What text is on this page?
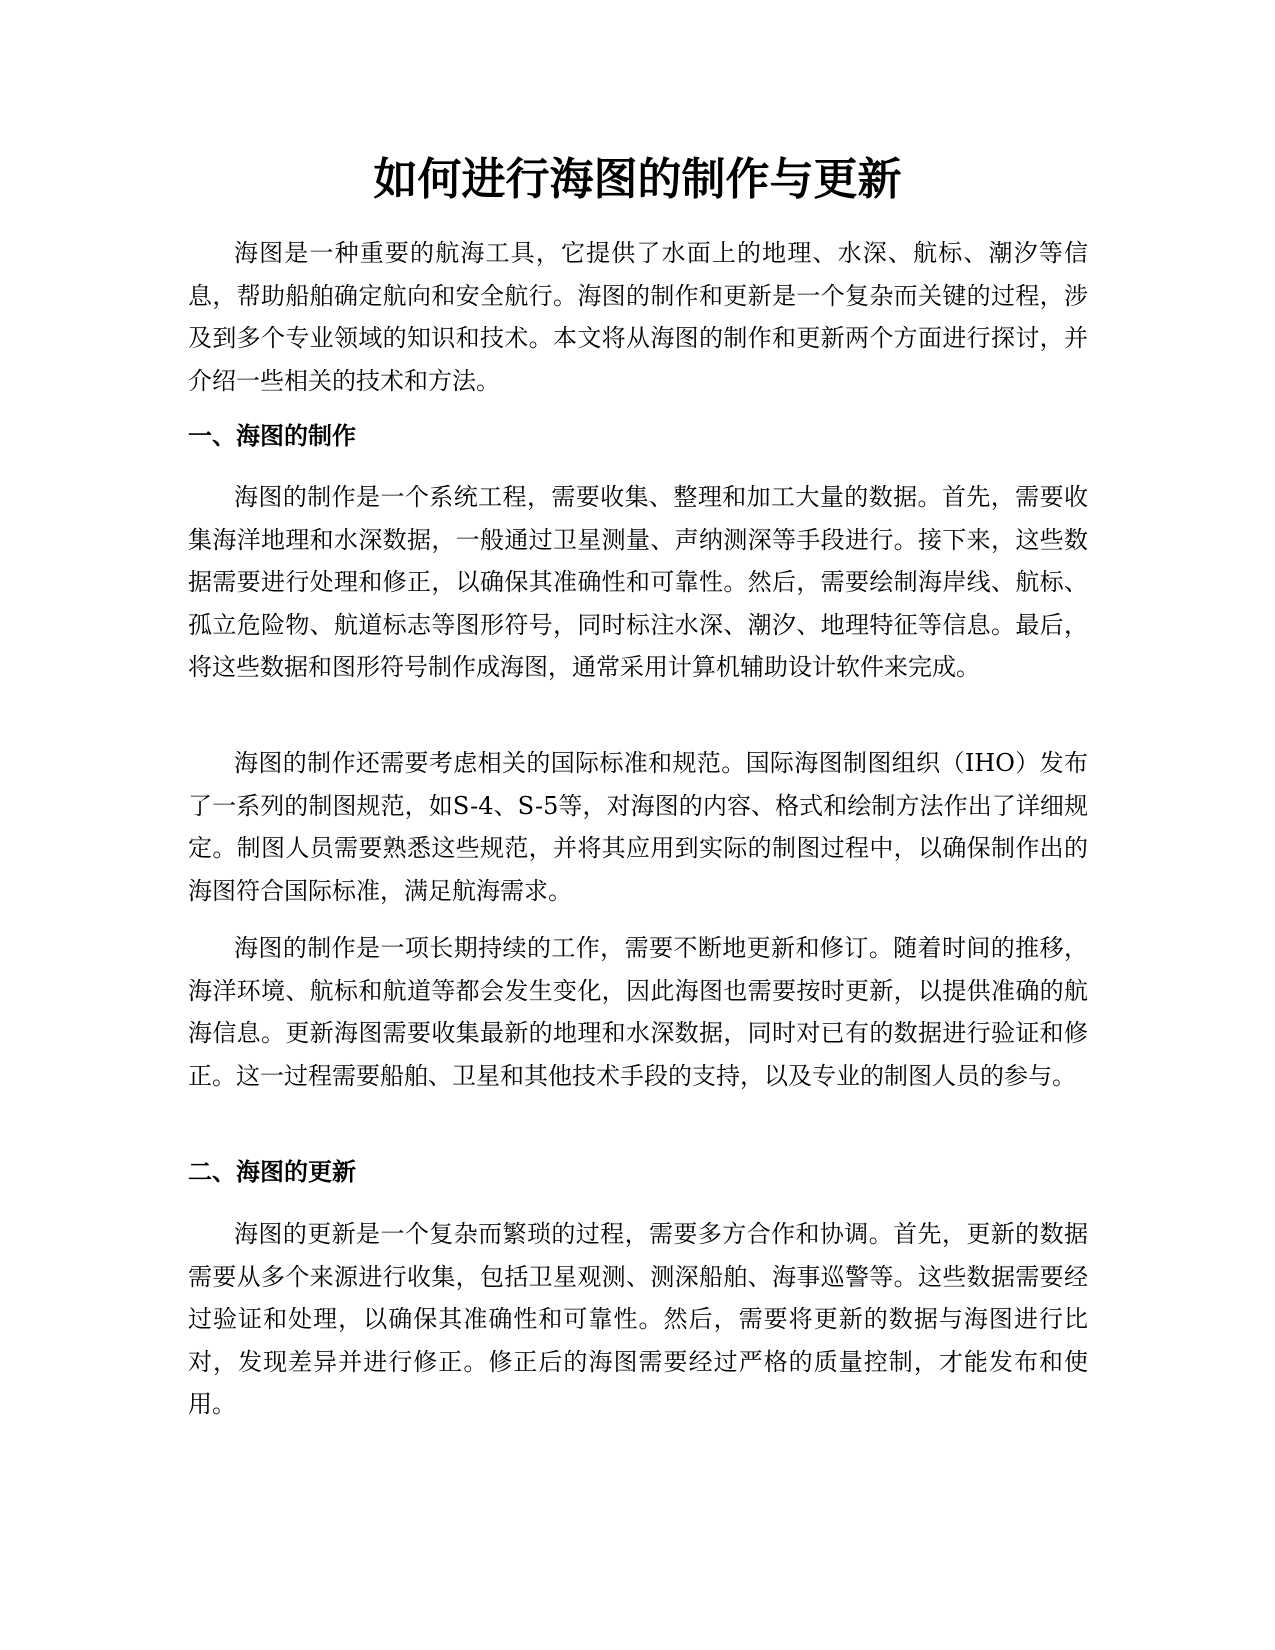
如何进行海图的制作与更新

海图是一种重要的航海工具，它提供了水面上的地理、水深、航标、潮汐等信息，帮助船舶确定航向和安全航行。海图的制作和更新是一个复杂而关键的过程，涉及到多个专业领域的知识和技术。本文将从海图的制作和更新两个方面进行探讨，并介绍一些相关的技术和方法。

一、海图的制作

海图的制作是一个系统工程，需要收集、整理和加工大量的数据。首先，需要收集海洋地理和水深数据，一般通过卫星测量、声纳测深等手段进行。接下来，这些数据需要进行处理和修正，以确保其准确性和可靠性。然后，需要绘制海岸线、航标、孤立危险物、航道标志等图形符号，同时标注水深、潮汐、地理特征等信息。最后，将这些数据和图形符号制作成海图，通常采用计算机辅助设计软件来完成。

海图的制作还需要考虑相关的国际标准和规范。国际海图制图组织（IHO）发布了一系列的制图规范，如S-4、S-5等，对海图的内容、格式和绘制方法作出了详细规定。制图人员需要熟悉这些规范，并将其应用到实际的制图过程中，以确保制作出的海图符合国际标准，满足航海需求。

海图的制作是一项长期持续的工作，需要不断地更新和修订。随着时间的推移，海洋环境、航标和航道等都会发生变化，因此海图也需要按时更新，以提供准确的航海信息。更新海图需要收集最新的地理和水深数据，同时对已有的数据进行验证和修正。这一过程需要船舶、卫星和其他技术手段的支持，以及专业的制图人员的参与。

二、海图的更新

海图的更新是一个复杂而繁琐的过程，需要多方合作和协调。首先，更新的数据需要从多个来源进行收集，包括卫星观测、测深船舶、海事巡警等。这些数据需要经过验证和处理，以确保其准确性和可靠性。然后，需要将更新的数据与海图进行比对，发现差异并进行修正。修正后的海图需要经过严格的质量控制，才能发布和使用。
